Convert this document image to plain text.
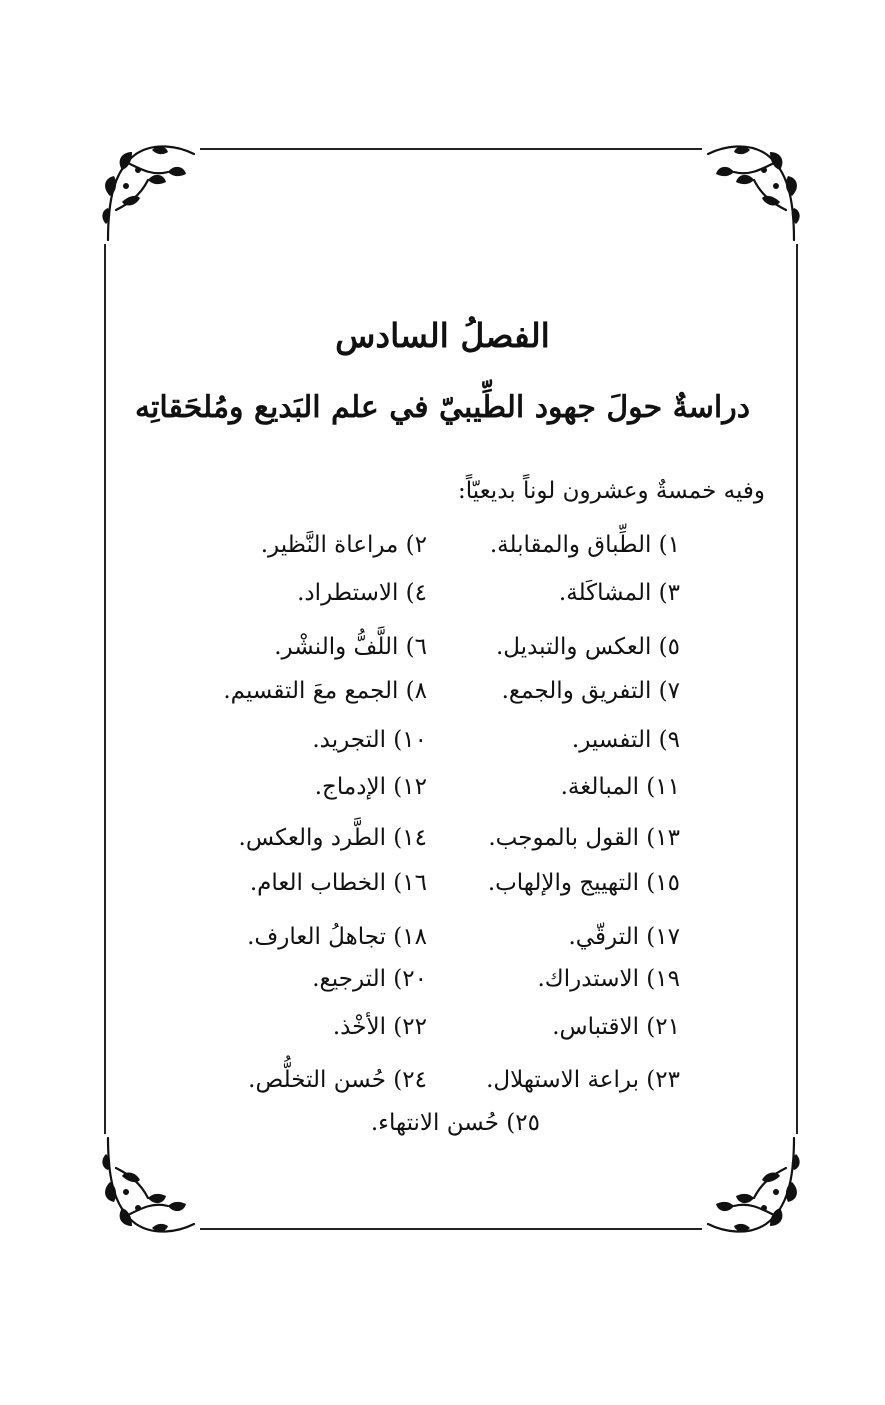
الفصلُ السادس
دراسةٌ حولَ جهود الطِّيبيّ في علم البَديع ومُلحَقاتِه
وفيه خمسةٌ وعشرون لوناً بديعيّاً:
١) الطِّباق والمقابلة.
٢) مراعاة النَّظير.
٣) المشاكَلة.
٤) الاستطراد.
٥) العكس والتبديل.
٦) اللَّفُّ والنشْر.
٧) التفريق والجمع.
٨) الجمع معَ التقسيم.
٩) التفسير.
١٠) التجريد.
١١) المبالغة.
١٢) الإدماج.
١٣) القول بالموجب.
١٤) الطَّرد والعكس.
١٥) التهييج والإلهاب.
١٦) الخطاب العام.
١٧) الترقّي.
١٨) تجاهلُ العارف.
١٩) الاستدراك.
٢٠) الترجيع.
٢١) الاقتباس.
٢٢) الأخْذ.
٢٣) براعة الاستهلال.
٢٤) حُسن التخلُّص.
٢٥) حُسن الانتهاء.
